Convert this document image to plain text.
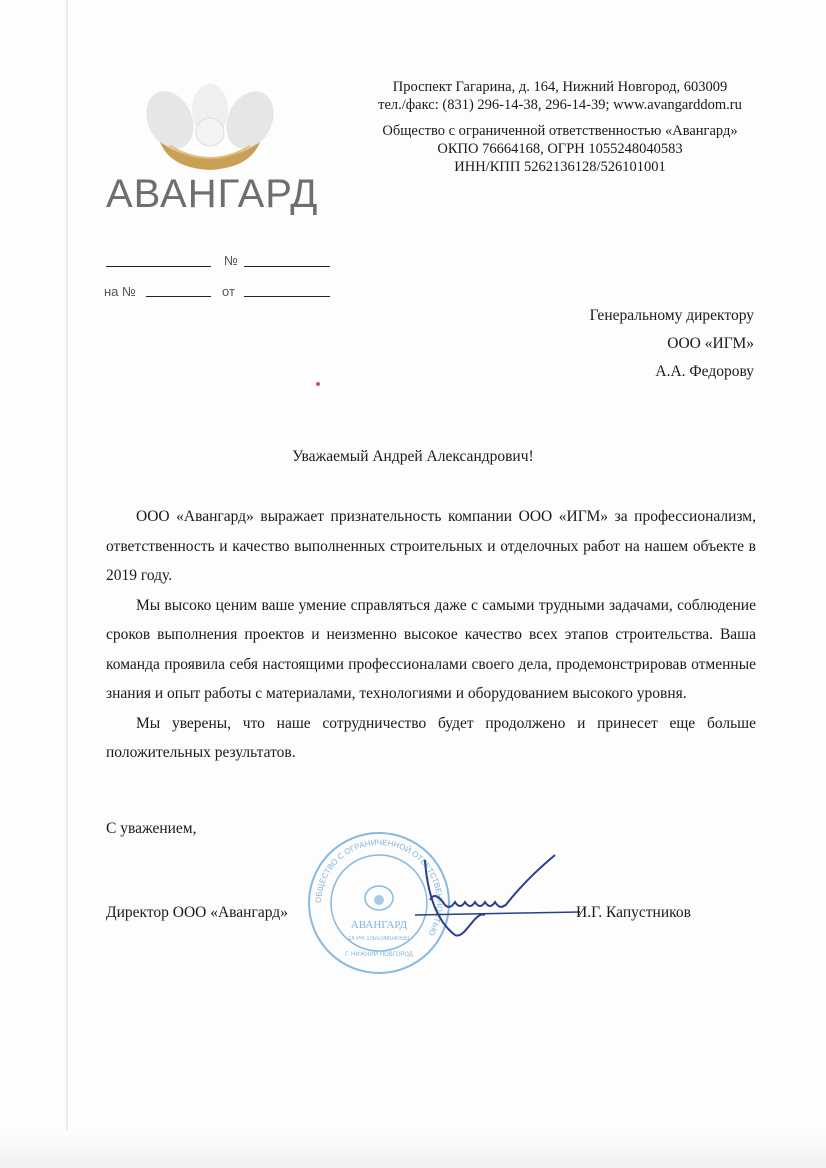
АВАНГАРД
Проспект Гагарина, д. 164, Нижний Новгород, 603009
тел./факс: (831) 296-14-38, 296-14-39; www.avangarddom.ru
Общество с ограниченной ответственностью «Авангард»
ОКПО 76664168, ОГРН 1055248040583
ИНН/КПП 5262136128/526101001
№
на №	от
Генеральному директору
ООО «ИГМ»
А.А. Федорову
Уважаемый Андрей Александрович!

ООО «Авангард» выражает признательность компании ООО «ИГМ» за профессионализм, ответственность и качество выполненных строительных и отделочных работ на нашем объекте в 2019 году.

Мы высоко ценим ваше умение справляться даже с самыми трудными задачами, соблюдение сроков выполнения проектов и неизменно высокое качество всех этапов строительства. Ваша команда проявила себя настоящими профессионалами своего дела, продемонстрировав отменные знания и опыт работы с материалами, технологиями и оборудованием высокого уровня.

Мы уверены, что наше сотрудничество будет продолжено и принесет еще больше положительных результатов.

С уважением,
ОБЩЕСТВО С ОГРАНИЧЕННОЙ ОТВЕТСТВЕННОСТЬЮ
АВАНГАРД
ОГРН 1055248040583
Г. НИЖНИЙ НОВГОРОД
Директор ООО «Авангард»	И.Г. Капустников
